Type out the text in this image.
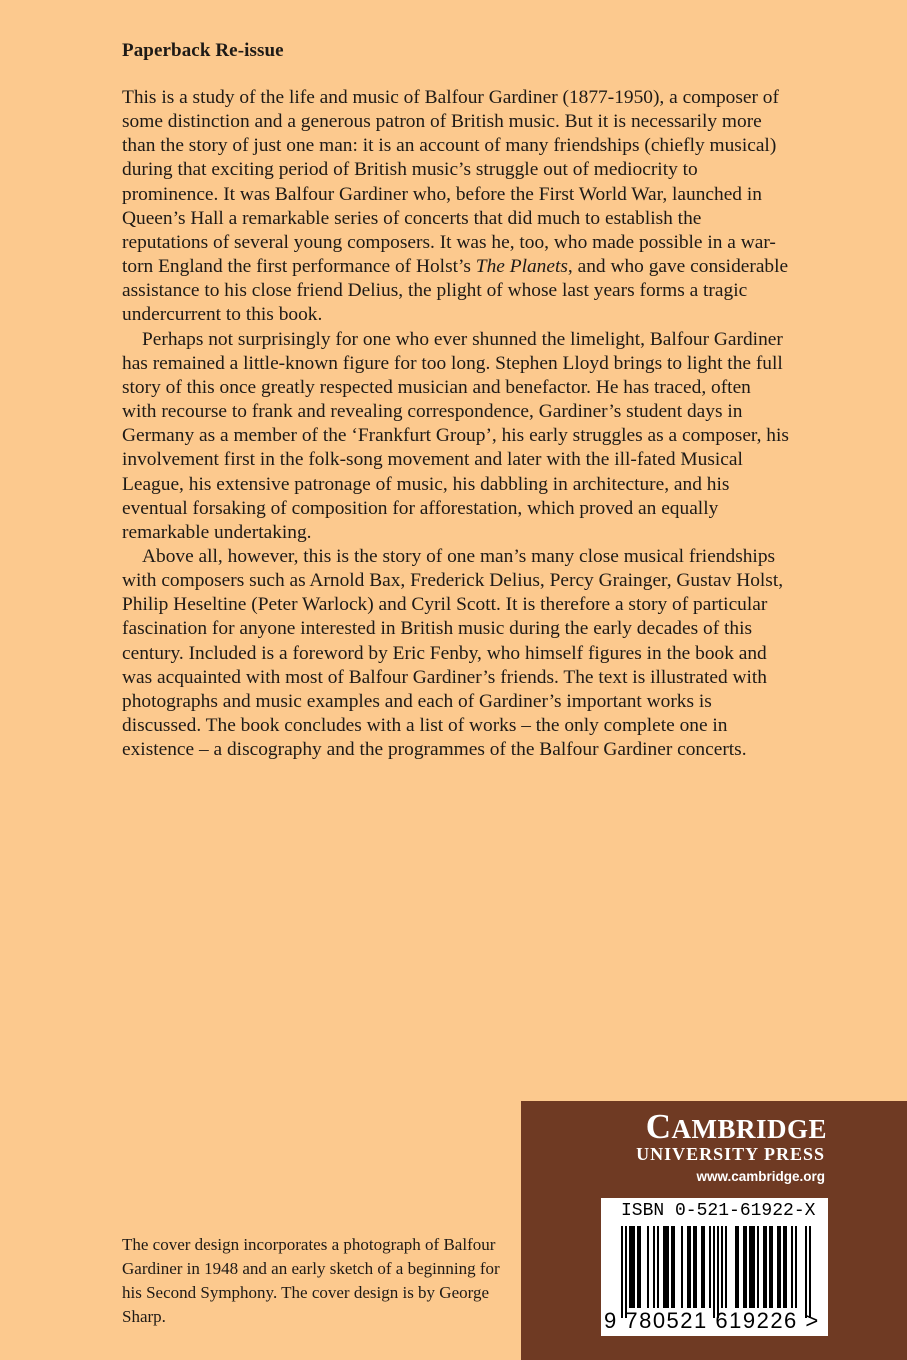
Paperback Re-issue

This is a study of the life and music of Balfour Gardiner (1877-1950), a composer of some distinction and a generous patron of British music. But it is necessarily more than the story of just one man: it is an account of many friendships (chiefly musical) during that exciting period of British music’s struggle out of mediocrity to prominence. It was Balfour Gardiner who, before the First World War, launched in Queen’s Hall a remarkable series of concerts that did much to establish the reputations of several young composers. It was he, too, who made possible in a war-torn England the first performance of Holst’s The Planets, and who gave considerable assistance to his close friend Delius, the plight of whose last years forms a tragic undercurrent to this book.

Perhaps not surprisingly for one who ever shunned the limelight, Balfour Gardiner has remained a little-known figure for too long. Stephen Lloyd brings to light the full story of this once greatly respected musician and benefactor. He has traced, often with recourse to frank and revealing correspondence, Gardiner’s student days in Germany as a member of the ‘Frankfurt Group’, his early struggles as a composer, his involvement first in the folk-song movement and later with the ill-fated Musical League, his extensive patronage of music, his dabbling in architecture, and his eventual forsaking of composition for afforestation, which proved an equally remarkable undertaking.

Above all, however, this is the story of one man’s many close musical friendships with composers such as Arnold Bax, Frederick Delius, Percy Grainger, Gustav Holst, Philip Heseltine (Peter Warlock) and Cyril Scott. It is therefore a story of particular fascination for anyone interested in British music during the early decades of this century. Included is a foreword by Eric Fenby, who himself figures in the book and was acquainted with most of Balfour Gardiner’s friends. The text is illustrated with photographs and music examples and each of Gardiner’s important works is discussed. The book concludes with a list of works – the only complete one in existence – a discography and the programmes of the Balfour Gardiner concerts.

The cover design incorporates a photograph of Balfour Gardiner in 1948 and an early sketch of a beginning for his Second Symphony. The cover design is by George Sharp.
CAMBRIDGE
UNIVERSITY PRESS
www.cambridge.org
ISBN 0-521-61922-X
9 780521 619226 >
